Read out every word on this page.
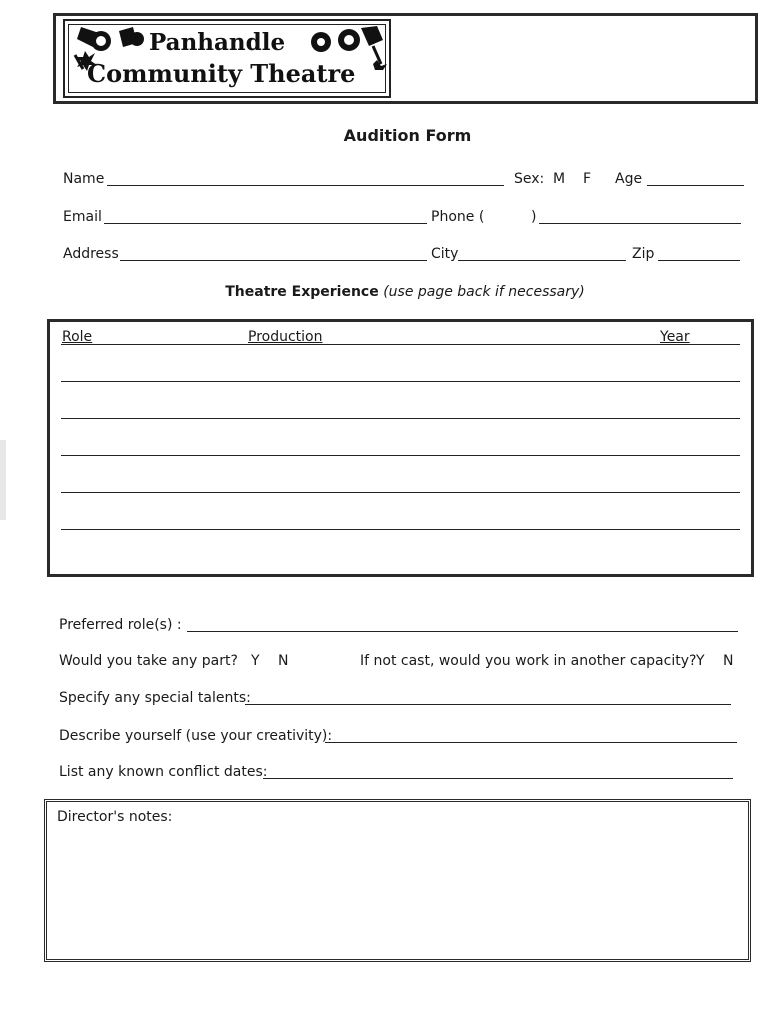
Panhandle
Community Theatre
Audition Form
Name	Sex: M F Age
Email	Phone (	)
Address	City	Zip
Theatre Experience (use page back if necessary)
Role	Production	Year
Preferred role(s) :
Would you take any part? Y N	If not cast, would you work in another capacity? Y N
Specify any special talents:
Describe yourself (use your creativity):
List any known conflict dates:
Director's notes:
